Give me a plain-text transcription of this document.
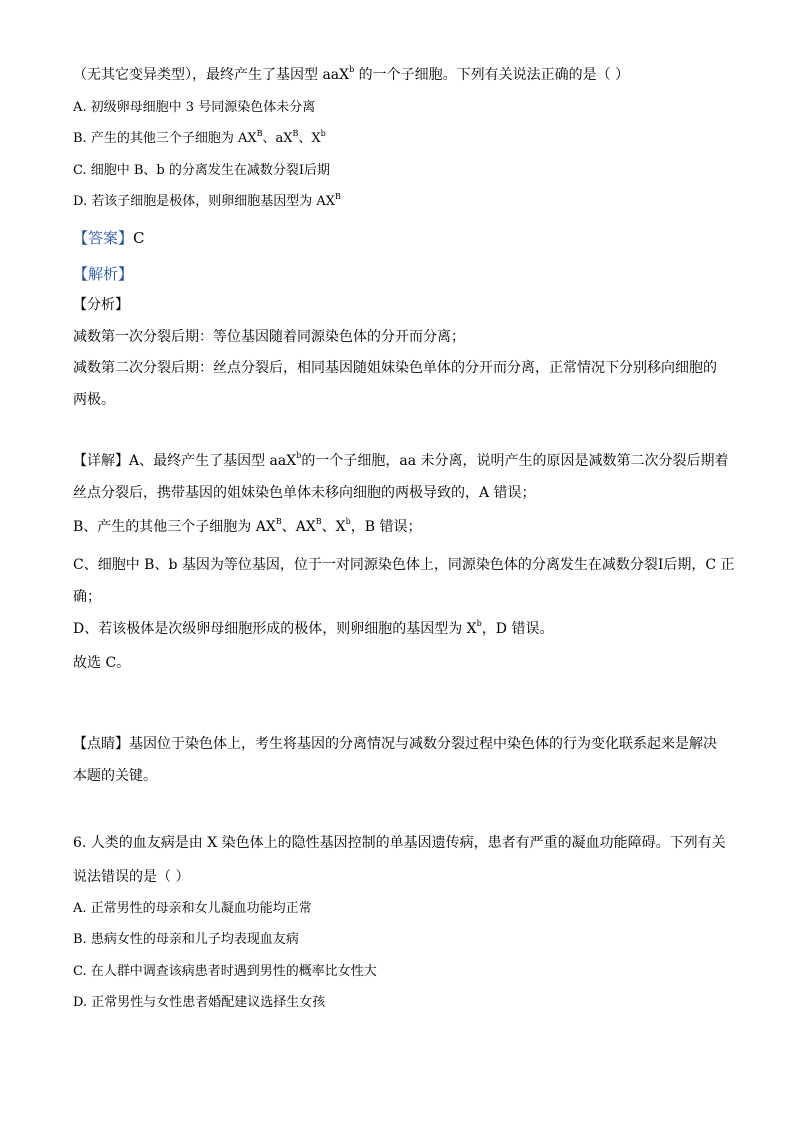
（无其它变异类型），最终产生了基因型 aaX$^b$ 的一个子细胞。下列有关说法正确的是（ ）
A. 初级卵母细胞中 3 号同源染色体未分离
B. 产生的其他三个子细胞为 $AX^B$、$aX^B$、$X^b$
C. 细胞中 B、b 的分离发生在减数分裂Ⅰ后期
D. 若该子细胞是极体，则卵细胞基因型为 $AX^B$
【答案】C
【解析】
【分析】
减数第一次分裂后期：等位基因随着同源染色体的分开而分离；
减数第二次分裂后期：丝点分裂后，相同基因随姐妹染色单体的分开而分离，正常情况下分别移向细胞的
两极。
【详解】A、最终产生了基因型 aaX$^b$的一个子细胞，aa 未分离，说明产生的原因是减数第二次分裂后期着
丝点分裂后，携带基因的姐妹染色单体未移向细胞的两极导致的，A 错误；
B、产生的其他三个子细胞为 $AX^B$、$AX^B$、$X^b$，B 错误；
C、细胞中 B、b 基因为等位基因，位于一对同源染色体上，同源染色体的分离发生在减数分裂Ⅰ后期，C 正
确；
D、若该极体是次级卵母细胞形成的极体，则卵细胞的基因型为 $X^b$，D 错误。
故选 C。
【点睛】基因位于染色体上，考生将基因的分离情况与减数分裂过程中染色体的行为变化联系起来是解决
本题的关键。
6. 人类的血友病是由 X 染色体上的隐性基因控制的单基因遗传病，患者有严重的凝血功能障碍。下列有关
说法错误的是（ ）
A. 正常男性的母亲和女儿凝血功能均正常
B. 患病女性的母亲和儿子均表现血友病
C. 在人群中调查该病患者时遇到男性的概率比女性大
D. 正常男性与女性患者婚配建议选择生女孩
